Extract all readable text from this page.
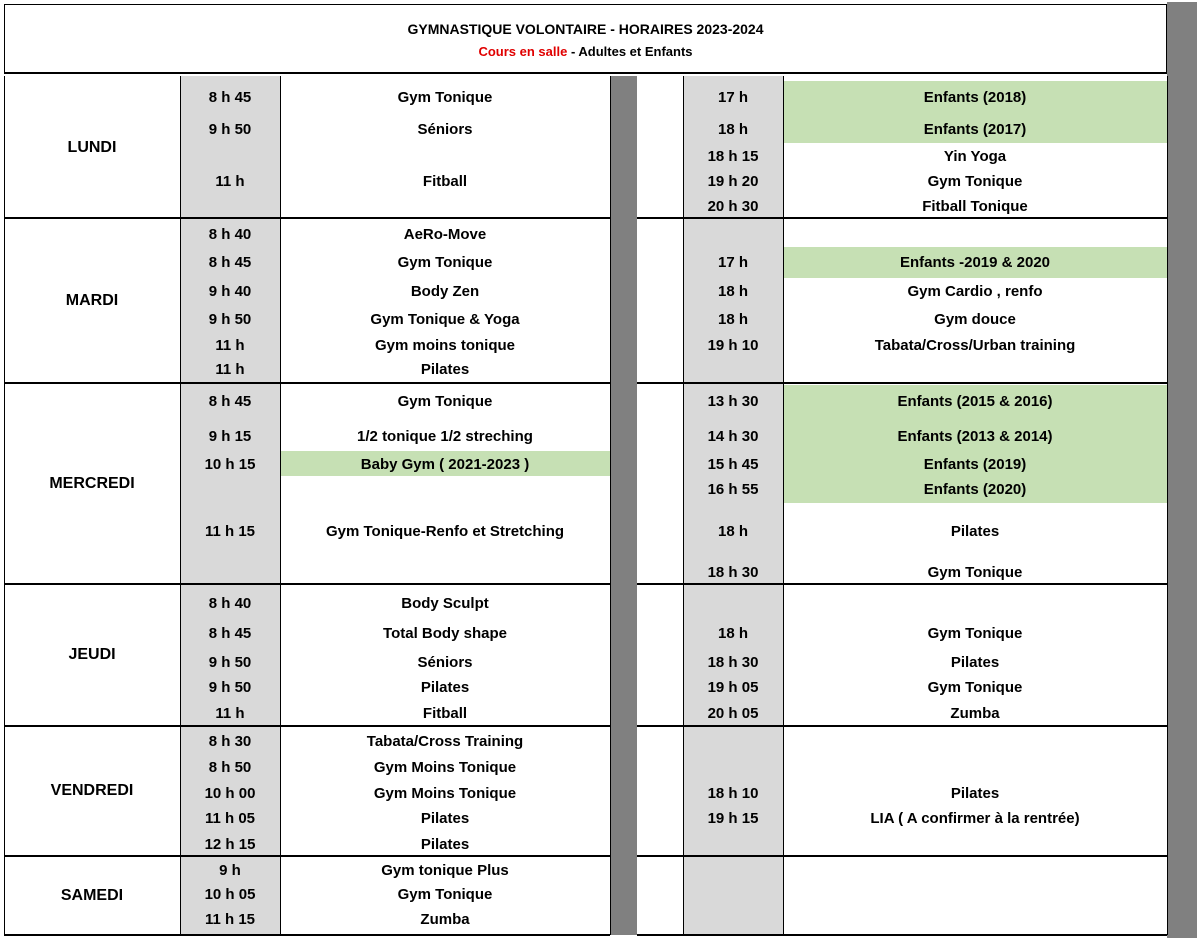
GYMNASTIQUE VOLONTAIRE - HORAIRES 2023-2024
Cours en salle - Adultes et Enfants
LUNDI
8 h 45	Gym Tonique
9 h 50	Séniors
11 h	Fitball
17 h	Enfants (2018)
18 h	Enfants (2017)
18 h 15	Yin Yoga
19 h 20	Gym Tonique
20 h 30	Fitball Tonique
MARDI
8 h 40	AeRo-Move
8 h 45	Gym Tonique
9 h 40	Body Zen
9 h 50	Gym Tonique & Yoga
11 h	Gym moins tonique
11 h	Pilates
17 h	Enfants -2019 & 2020
18 h	Gym Cardio , renfo
18 h	Gym douce
19 h 10	Tabata/Cross/Urban training
MERCREDI
8 h 45	Gym Tonique
9 h 15	1/2 tonique 1/2 streching
10 h 15	Baby Gym ( 2021-2023 )
11 h 15	Gym Tonique-Renfo et Stretching
13 h 30	Enfants (2015 & 2016)
14 h 30	Enfants (2013 & 2014)
15 h 45	Enfants (2019)
16 h 55	Enfants (2020)
18 h	Pilates
18 h 30	Gym Tonique
JEUDI
8 h 40	Body Sculpt
8 h 45	Total Body shape
9 h 50	Séniors
9 h 50	Pilates
11 h	Fitball
18 h	Gym Tonique
18 h 30	Pilates
19 h 05	Gym Tonique
20 h 05	Zumba
VENDREDI
8 h 30	Tabata/Cross Training
8 h 50	Gym Moins Tonique
10 h 00	Gym Moins Tonique
11 h 05	Pilates
12 h 15	Pilates
18 h 10	Pilates
19 h 15	LIA ( A confirmer à la rentrée)
SAMEDI
9 h	Gym tonique Plus
10 h 05	Gym Tonique
11 h 15	Zumba
